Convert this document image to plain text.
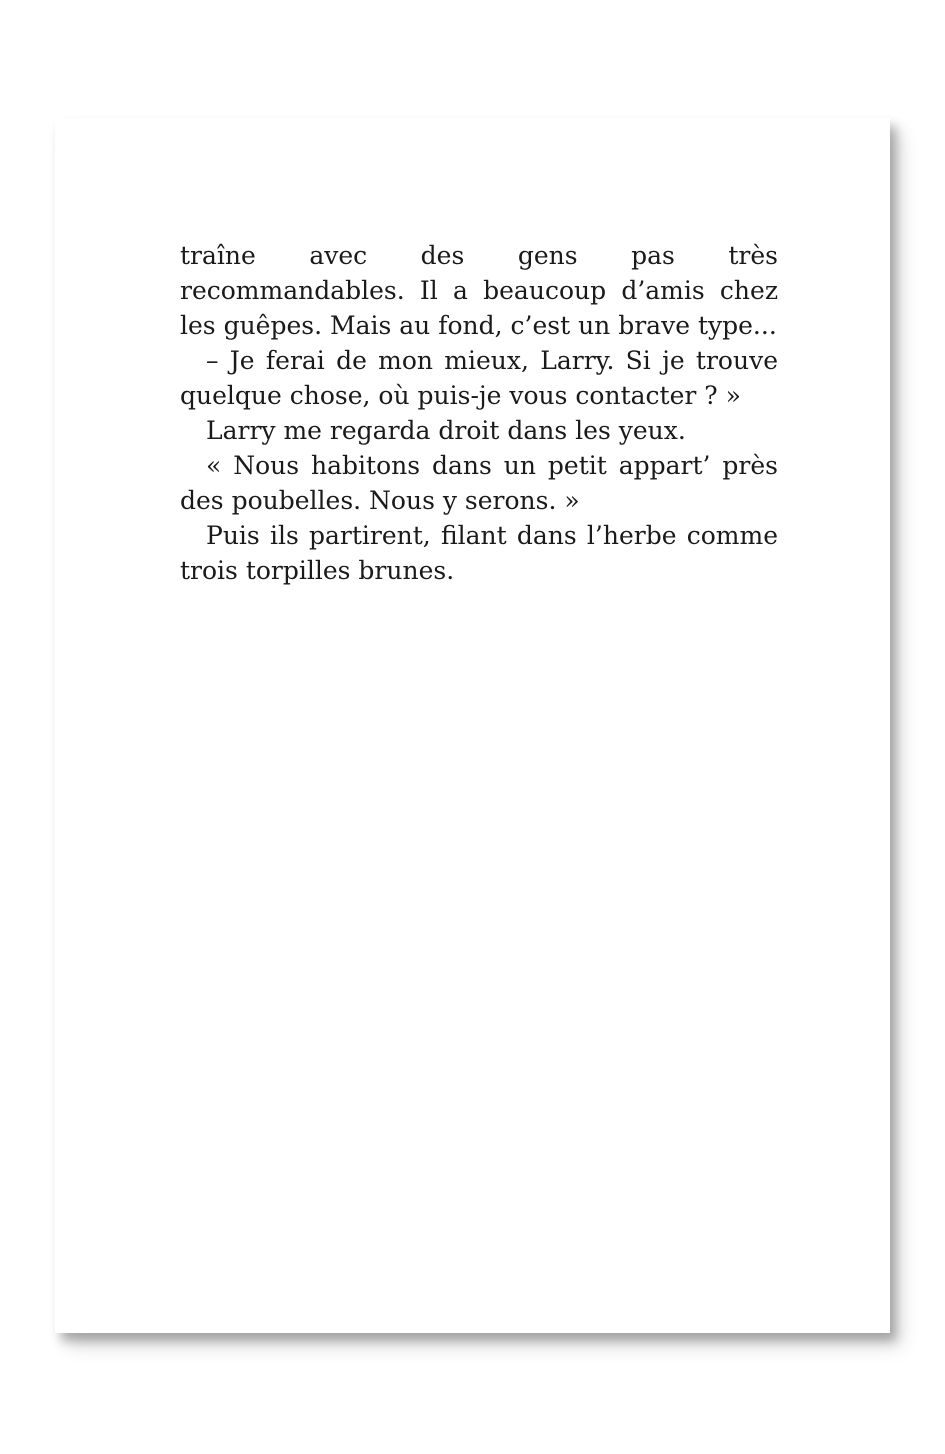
traîne avec des gens pas très recommandables. Il a beaucoup d’amis chez les guêpes. Mais au fond, c’est un brave type...

– Je ferai de mon mieux, Larry. Si je trouve quelque chose, où puis-je vous contacter ? »

Larry me regarda droit dans les yeux.

« Nous habitons dans un petit appart’ près des poubelles. Nous y serons. »

Puis ils partirent, filant dans l’herbe comme trois torpilles brunes.
